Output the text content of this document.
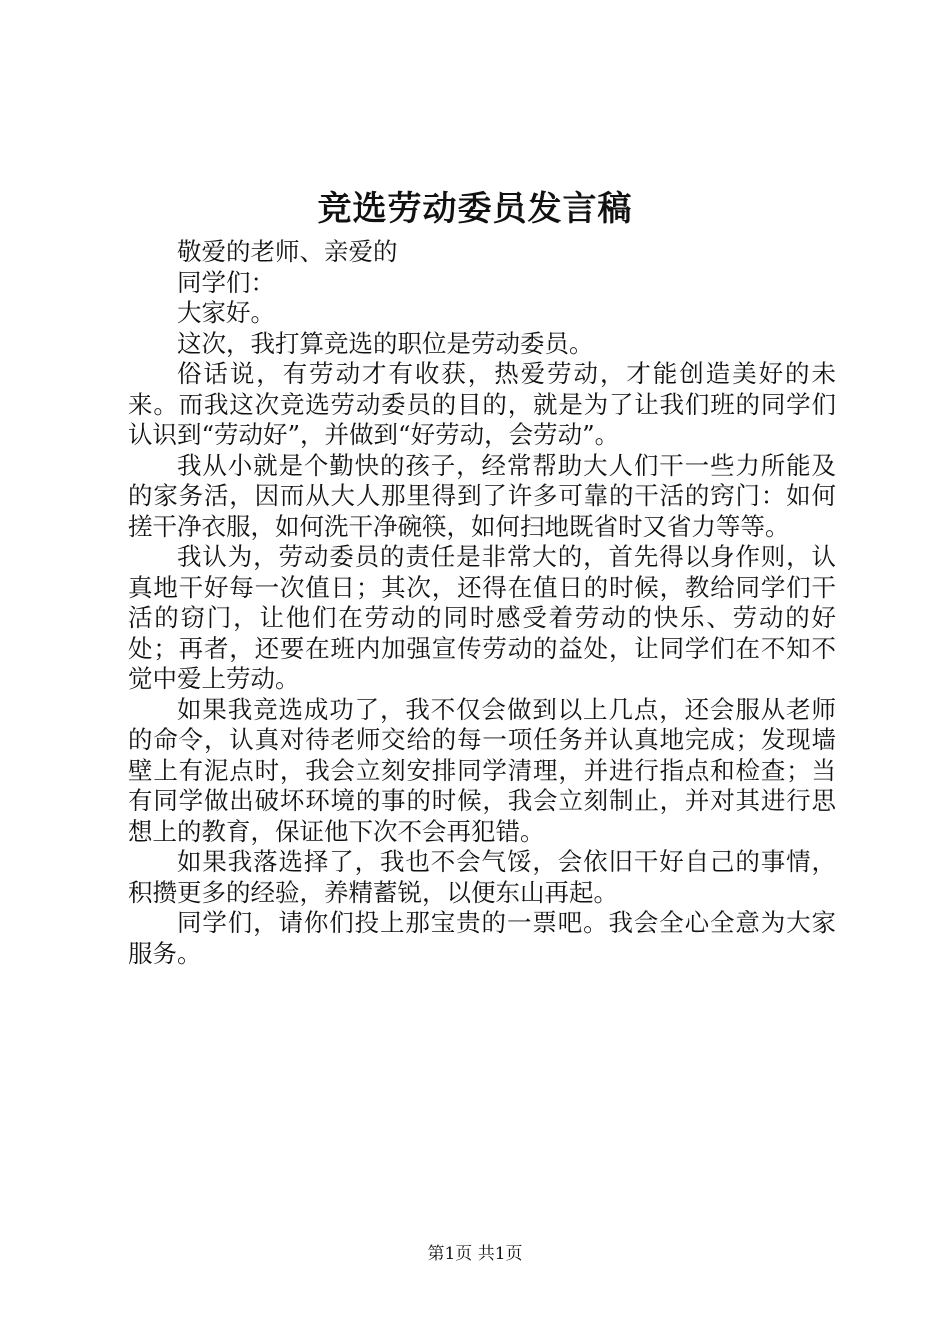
竞选劳动委员发言稿

敬爱的老师、亲爱的

同学们：

大家好。

这次，我打算竞选的职位是劳动委员。

俗话说，有劳动才有收获，热爱劳动，才能创造美好的未来。而我这次竞选劳动委员的目的，就是为了让我们班的同学们认识到“劳动好”，并做到“好劳动，会劳动”。

我从小就是个勤快的孩子，经常帮助大人们干一些力所能及的家务活，因而从大人那里得到了许多可靠的干活的窍门：如何搓干净衣服，如何洗干净碗筷，如何扫地既省时又省力等等。

我认为，劳动委员的责任是非常大的，首先得以身作则，认真地干好每一次值日；其次，还得在值日的时候，教给同学们干活的窃门，让他们在劳动的同时感受着劳动的快乐、劳动的好处；再者，还要在班内加强宣传劳动的益处，让同学们在不知不觉中爱上劳动。

如果我竞选成功了，我不仅会做到以上几点，还会服从老师的命令，认真对待老师交给的每一项任务并认真地完成；发现墙壁上有泥点时，我会立刻安排同学清理，并进行指点和检查；当有同学做出破坏环境的事的时候，我会立刻制止，并对其进行思想上的教育，保证他下次不会再犯错。

如果我落选择了，我也不会气馁，会依旧干好自己的事情，积攒更多的经验，养精蓄锐，以便东山再起。

同学们，请你们投上那宝贵的一票吧。我会全心全意为大家服务。

第1页 共1页
